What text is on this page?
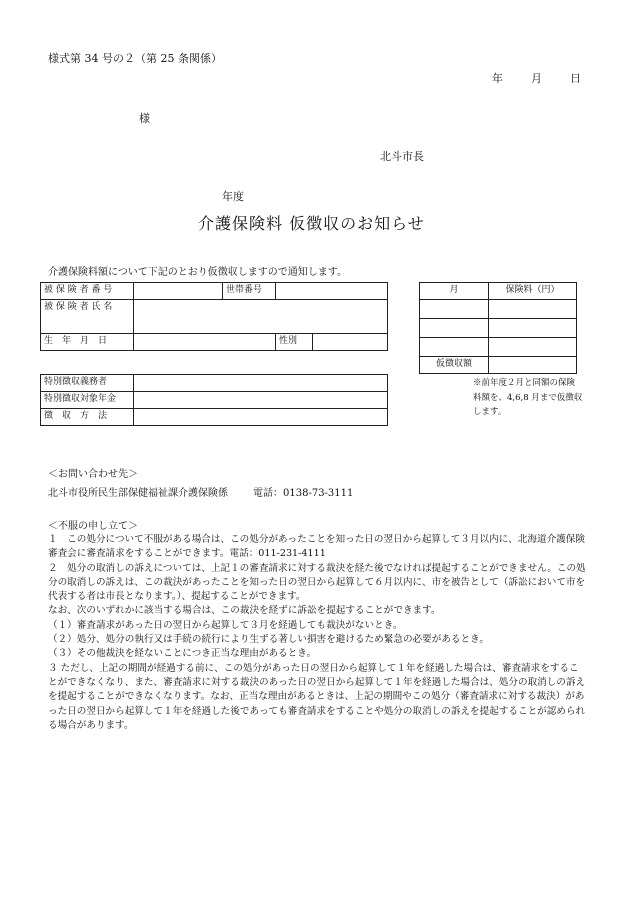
様式第 34 号の２（第 25 条関係）
年	月	日
様
北斗市長
年度
介護保険料 仮徴収のお知らせ
介護保険料額について下記のとおり仮徴収しますので通知します。
被 保 険 者 番 号		世帯番号		
被 保 険 者 氏 名				
生　年　月　日			性別	
特別徴収義務者	
特別徴収対象年金	
徴　収　方　法	
月	保険料（円）

仮徴収額	
※前年度２月と同額の保険料額を、4,6,8 月まで仮徴収します。
＜お問い合わせ先＞
北斗市役所民生部保健福祉課介護保険係	電話：0138-73-3111
＜不服の申し立て＞

１　この処分について不服がある場合は、この処分があったことを知った日の翌日から起算して３月以内に、北海道介護保険審査会に審査請求をすることができます。電話：011-231-4111

２　処分の取消しの訴えについては、上記１の審査請求に対する裁決を経た後でなければ提起することができません。この処分の取消しの訴えは、この裁決があったことを知った日の翌日から起算して６月以内に、市を被告として（訴訟において市を代表する者は市長となります。）、提起することができます。

なお、次のいずれかに該当する場合は、この裁決を経ずに訴訟を提起することができます。

（１）審査請求があった日の翌日から起算して３月を経過しても裁決がないとき。

（２）処分、処分の執行又は手続の続行により生ずる著しい損害を避けるため緊急の必要があるとき。

（３）その他裁決を経ないことにつき正当な理由があるとき。

３ ただし、上記の期間が経過する前に、この処分があった日の翌日から起算して１年を経過した場合は、審査請求をすることができなくなり、また、審査請求に対する裁決のあった日の翌日から起算して１年を経過した場合は、処分の取消しの訴えを提起することができなくなります。なお、正当な理由があるときは、上記の期間やこの処分（審査請求に対する裁決）があった日の翌日から起算して１年を経過した後であっても審査請求をすることや処分の取消しの訴えを提起することが認められる場合があります。
